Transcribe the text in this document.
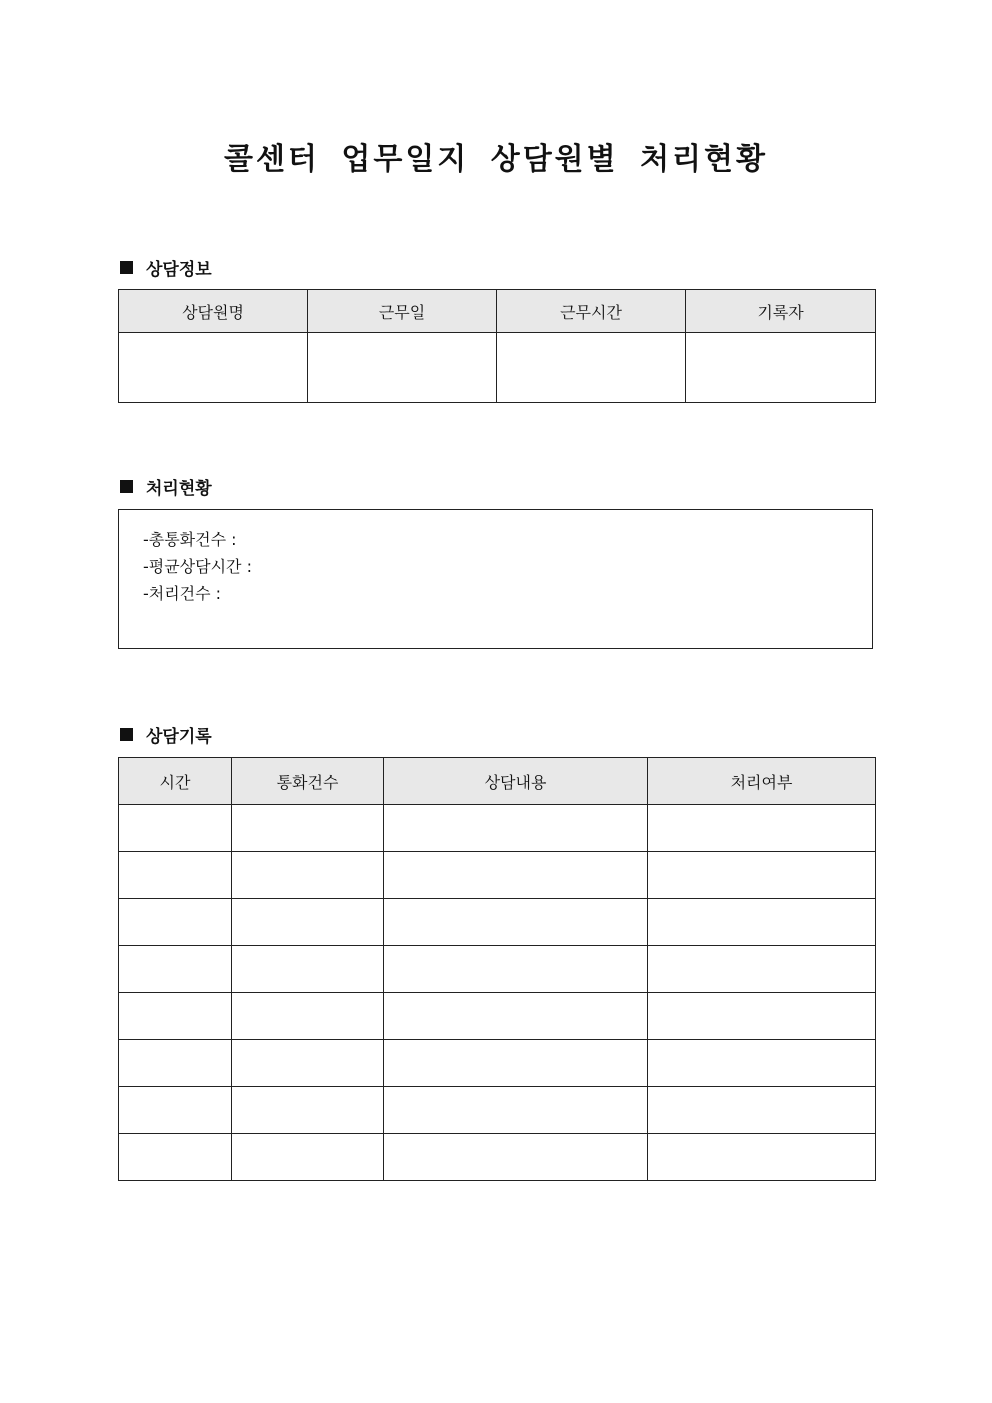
콜센터 업무일지 상담원별 처리현황
상담정보
상담원명	근무일	근무시간	기록자

처리현황
-총통화건수 :
-평균상담시간 :
-처리건수 :
상담기록
시간	통화건수	상담내용	처리여부
